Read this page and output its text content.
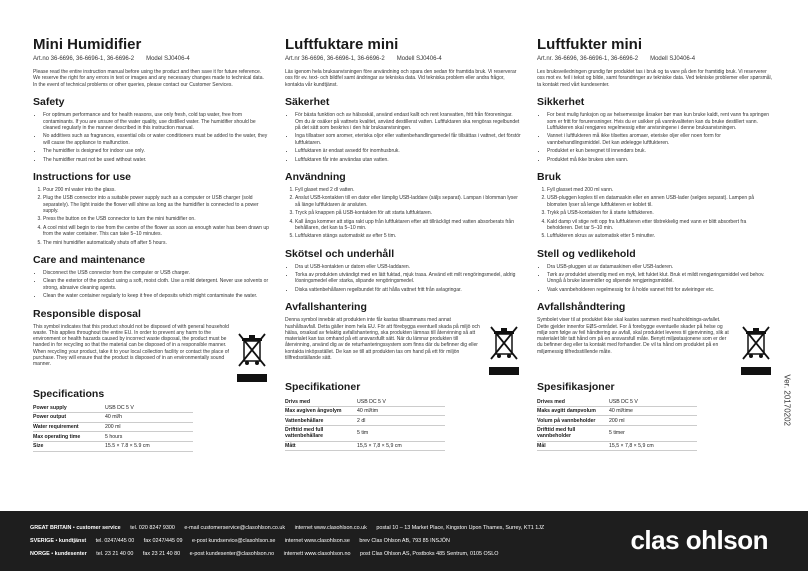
Mini Humidifier
Art.no 36-6696, 36-6696-1, 36-6696-2 Model SJ0406-4

Please read the entire instruction manual before using the product and then save it for future reference. We reserve the right for any errors in text or images and any necessary changes made to technical data. In the event of technical problems or other queries, please contact our Customer Services.

Safety
• For optimum performance and for health reasons, use only fresh, cold tap water, free from contaminants. If you are unsure of the water quality, use distilled water. The humidifier should be cleaned regularly in the manner described in this instruction manual.
• No additives such as fragrances, essential oils or water conditioners must be added to the water, they will cause the appliance to malfunction.
• The humidifier is designed for indoor use only.
• The humidifier must not be used without water.
Instructions for use
1. Pour 200 ml water into the glass.
2. Plug the USB connector into a suitable power supply such as a computer or USB charger (sold separately). The light inside the flower will shine as long as the humidifier is connected to a power supply.
3. Press the button on the USB connector to turn the mini humidifier on.
4. A cool mist will begin to rise from the centre of the flower as soon as enough water has been drawn up from the water container. This can take 5–10 minutes.
5. The mini humidifier automatically shuts off after 5 hours.
Care and maintenance
• Disconnect the USB connector from the computer or USB charger.
• Clean the exterior of the product using a soft, moist cloth. Use a mild detergent. Never use solvents or strong, abrasive cleaning agents.
• Clean the water container regularly to keep it free of deposits which might contaminate the water.
Responsible disposal

This symbol indicates that this product should not be disposed of with general household waste. This applies throughout the entire EU. In order to prevent any harm to the environment or health hazards caused by incorrect waste disposal, the product must be handed in for recycling so that the material can be disposed of in a responsible manner. When recycling your product, take it to your local collection facility or contact the place of purchase. They will ensure that the product is disposed of in an environmentally sound manner.

Specifications
Power supply	USB DC 5 V
Power output	40 ml/h
Water requirement	200 ml
Max operating time	5 hours
Size	15.5 × 7.8 × 5.9 cm
Luftfuktare mini
Art.nr 36-6696, 36-6696-1, 36-6696-2 Modell SJ0406-4

Läs igenom hela bruksanvisningen före användning och spara den sedan för framtida bruk. Vi reserverar oss för ev. text- och bildfel samt ändringar av tekniska data. Vid tekniska problem eller andra frågor, kontakta vår kundtjänst.

Säkerhet
• För bästa funktion och av hälsoskäl, använd endast kallt och rent kranvatten, fritt från föroreningar. Om du är osäker på vattnets kvalitet, använd destillerat vatten. Luftfuktaren ska rengöras regelbundet på det sätt som beskrivs i den här bruksanvisningen.
• Inga tillsatser som aromer, eteriska oljor eller vattenbehandlingsmedel får tillsättas i vattnet, det förstör luftfuktaren.
• Luftfuktaren är endast avsedd för inomhusbruk.
• Luftfuktaren får inte användas utan vatten.
Användning
1. Fyll glaset med 2 dl vatten.
2. Anslut USB-kontakten till en dator eller lämplig USB-laddare (säljs separat). Lampan i blomman lyser så länge luftfuktaren är ansluten.
3. Tryck på knappen på USB-kontakten för att starta luftfuktaren.
4. Kall ånga kommer att stiga rakt upp från luftfuktaren efter att tillräckligt med vatten absorberats från behållaren, det kan ta 5–10 min.
5. Luftfuktaren stängs automatiskt av efter 5 tim.
Skötsel och underhåll
• Dra ut USB-kontakten ur datorn eller USB-laddaren.
• Torka av produkten utvändigt med en lätt fuktad, mjuk trasa. Använd ett milt rengöringsmedel, aldrig lösningsmedel eller starka, slipande rengöringsmedel.
• Diska vattenbehållaren regelbundet för att hålla vattnet fritt från avlagringar.
Avfallshantering

Denna symbol innebär att produkten inte får kastas tillsammans med annat hushållsavfall. Detta gäller inom hela EU. För att förebygga eventuell skada på miljö och hälsa, orsakad av felaktig avfallshantering, ska produkten lämnas till återvinning så att materialet kan tas omhand på ett ansvarsfullt sätt. När du lämnar produkten till återvinning, använd dig av de returhanteringssystem som finns där du befinner dig eller kontakta inköpsstället. De kan se till att produkten tas om hand på ett för miljön tillfredsställande sätt.

Specifikationer
Drivs med	USB DC 5 V
Max avgiven ångvolym	40 ml/tim
Vattenbehållare	2 dl
Drifttid med full vattenbehållare	5 tim
Mått	15,5 × 7,8 × 5,9 cm
Luftfukter mini
Art.nr. 36-6696, 36-6696-1, 36-6696-2 Modell SJ0406-4

Les bruksveiledningen grundig før produktet tas i bruk og ta vare på den for framtidig bruk. Vi reserverer oss mot ev. feil i tekst og bilde, samt forandringer av tekniske data. Ved tekniske problemer eller spørsmål, ta kontakt med vårt kundesenter.

Sikkerhet
• For best mulig funksjon og av helsemessige årsaker bør man kun bruke kaldt, rent vann fra springen som er fritt for forurensninger. Hvis du er usikker på vannkvaliteten kan du bruke destillert vann. Luftfukteren skal rengjøres regelmessig etter anvisningene i denne bruksanvisningen.
• Vannet i luftfukteren må ikke tilsettes aromaer, eteriske oljer eller noen form for vannbehandlingsmiddel. Det kan ødelegge luftfukteren.
• Produktet er kun beregnet til innendørs bruk.
• Produktet må ikke brukes uten vann.
Bruk
1. Fyll glasset med 200 ml vann.
2. USB-pluggen koples til en datamaskin eller en annen USB-lader (selges separat). Lampen på blomsten lyser så lenge luftfukteren er koblet til.
3. Trykk på USB-kontakten for å starte luftfukteren.
4. Kald damp vil stige rett opp fra luftfukteren etter tilstrekkelig med vann er blitt absorbert fra beholderen. Det tar 5–10 min.
5. Luftfukteren skrus av automatisk etter 5 minutter.
Stell og vedlikehold
• Dra USB-pluggen ut av datamaskinen eller USB-laderen.
• Tørk av produktet utvendig med en myk, lett fuktet klut. Bruk et mildt rengjøringsmiddel ved behov. Unngå å bruke løsemidler og slipende rengjøringsmiddel.
• Vask vannbeholderen regelmessig for å holde vannet fritt for avleiringer etc.
Avfallshåndtering

Symbolet viser til at produktet ikke skal kastes sammen med husholdnings-avfallet. Dette gjelder innenfor EØS-området. For å forebygge eventuelle skader på helse og miljø som følge av feil håndtering av avfall, skal produktet leveres til gjenvinning, slik at materialet blir tatt hånd om på en ansvarsfull måte. Benytt miljøstasjonene som er der du befinner deg eller ta kontakt med forhandler. De vil ta hånd om produktet på en miljømessig tilfredsstillende måte.

Spesifikasjoner
Drives med	USB DC 5 V
Maks avgitt dampvolum	40 ml/time
Volum på vannbeholder	200 ml
Drifttid med full vannbeholder	5 timer
Mål	15,5 × 7,8 × 5,9 cm
Ver. 20170202
GREAT BRITAIN • customer service tel. 020 8247 9300 e-mail customerservice@clasohlson.co.uk internet www.clasohlson.co.uk postal 10 – 13 Market Place, Kingston Upon Thames, Surrey, KT1 1JZ
SVERIGE • kundtjänst tel. 0247/445 00 fax 0247/445 09 e-post kundservice@clasohlson.se internet www.clasohlson.se brev Clas Ohlson AB, 793 85 INSJÖN
NORGE • kundesenter tel. 23 21 40 00 fax 23 21 40 80 e-post kundesenter@clasohlson.no internett www.clasohlson.no post Clas Ohlson AS, Postboks 485 Sentrum, 0105 OSLO	clas ohlson
